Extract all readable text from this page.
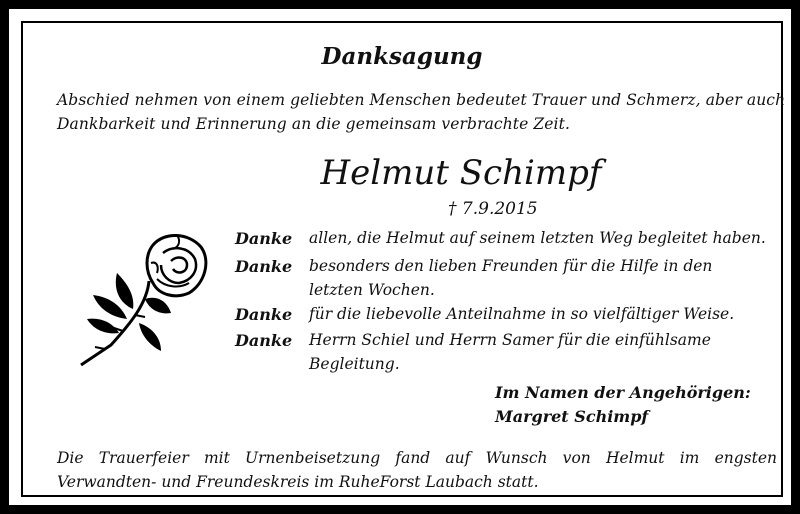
Danksagung

Abschied nehmen von einem geliebten Menschen bedeutet Trauer und Schmerz, aber auch

Dankbarkeit und Erinnerung an die gemeinsam verbrachte Zeit.

Helmut Schimpf

† 7.9.2015

Danke allen, die Helmut auf seinem letzten Weg begleitet haben.

Danke besonders den lieben Freunden für die Hilfe in den

letzten Wochen.

Danke für die liebevolle Anteilnahme in so vielfältiger Weise.

Danke Herrn Schiel und Herrn Samer für die einfühlsame

Begleitung.

Im Namen der Angehörigen:

Margret Schimpf

Die Trauerfeier mit Urnenbeisetzung fand auf Wunsch von Helmut im engsten

Verwandten- und Freundeskreis im RuheForst Laubach statt.
